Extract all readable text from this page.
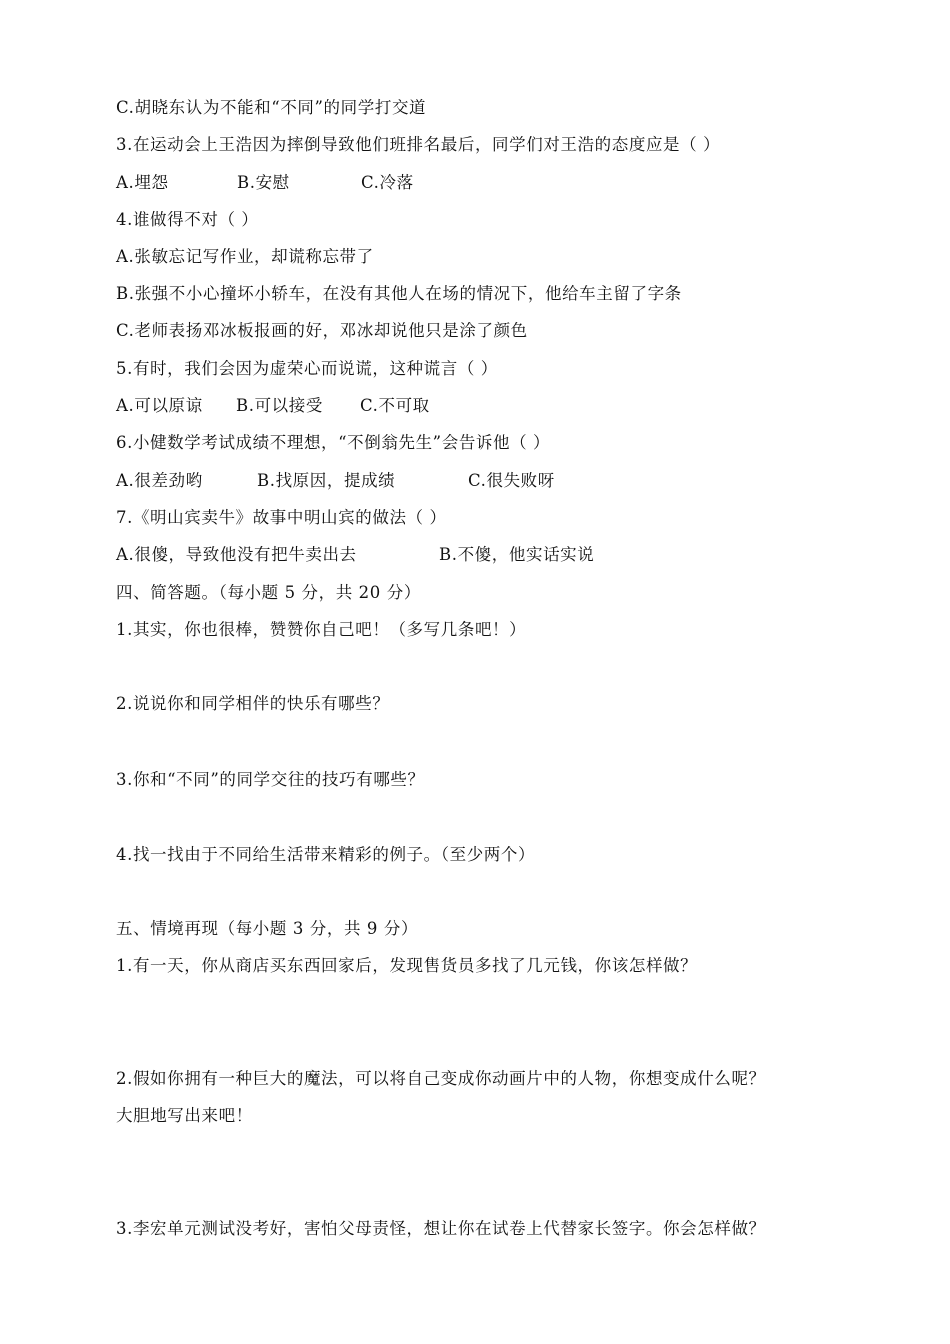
C.胡晓东认为不能和“不同”的同学打交道
3.在运动会上王浩因为摔倒导致他们班排名最后，同学们对王浩的态度应是（ ）
A.埋怨	B.安慰	C.冷落
4.谁做得不对（ ）
A.张敏忘记写作业，却谎称忘带了
B.张强不小心撞坏小轿车，在没有其他人在场的情况下，他给车主留了字条
C.老师表扬邓冰板报画的好，邓冰却说他只是涂了颜色
5.有时，我们会因为虚荣心而说谎，这种谎言（ ）
A.可以原谅 B.可以接受 C.不可取
6.小健数学考试成绩不理想，“不倒翁先生”会告诉他（ ）
A.很差劲哟	B.找原因，提成绩	C.很失败呀
7.《明山宾卖牛》故事中明山宾的做法（ ）
A.很傻，导致他没有把牛卖出去	B.不傻，他实话实说
四、简答题。（每小题 5 分，共 20 分）
1.其实，你也很棒，赞赞你自己吧！（多写几条吧！）
2.说说你和同学相伴的快乐有哪些？
3.你和“不同”的同学交往的技巧有哪些？
4.找一找由于不同给生活带来精彩的例子。（至少两个）
五、情境再现（每小题 3 分，共 9 分）
1.有一天，你从商店买东西回家后，发现售货员多找了几元钱，你该怎样做？
2.假如你拥有一种巨大的魔法，可以将自己变成你动画片中的人物，你想变成什么呢？
大胆地写出来吧！
3.李宏单元测试没考好，害怕父母责怪，想让你在试卷上代替家长签字。你会怎样做？
